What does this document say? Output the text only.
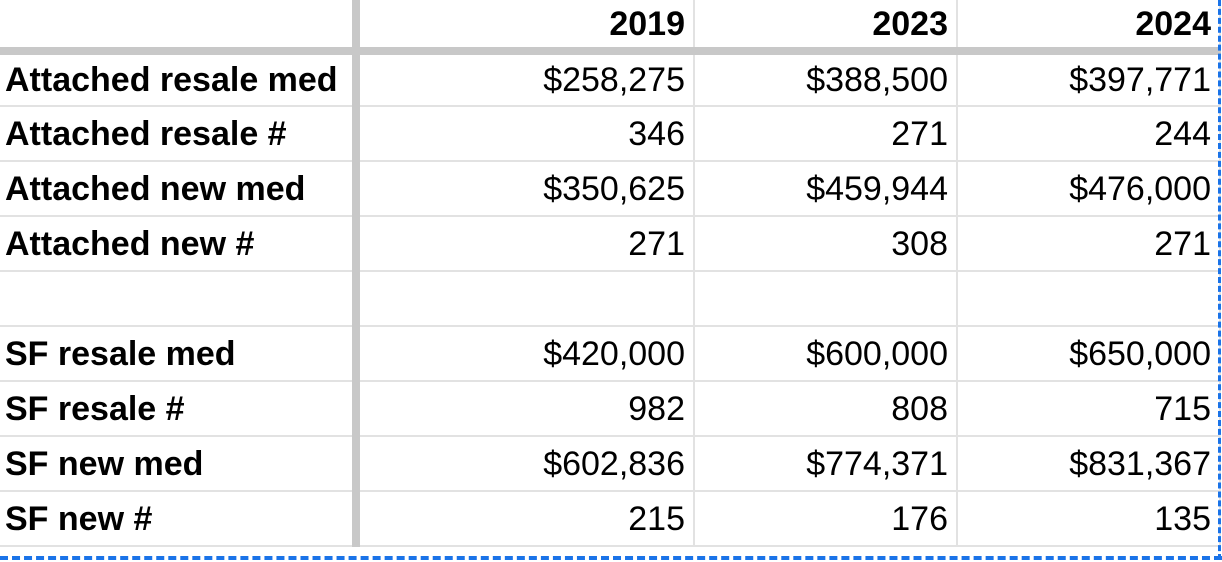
	2019	2023	2024
Attached resale med	$258,275	$388,500	$397,771
Attached resale #	346	271	244
Attached new med	$350,625	$459,944	$476,000
Attached new #	271	308	271

SF resale med	$420,000	$600,000	$650,000
SF resale #	982	808	715
SF new med	$602,836	$774,371	$831,367
SF new #	215	176	135
